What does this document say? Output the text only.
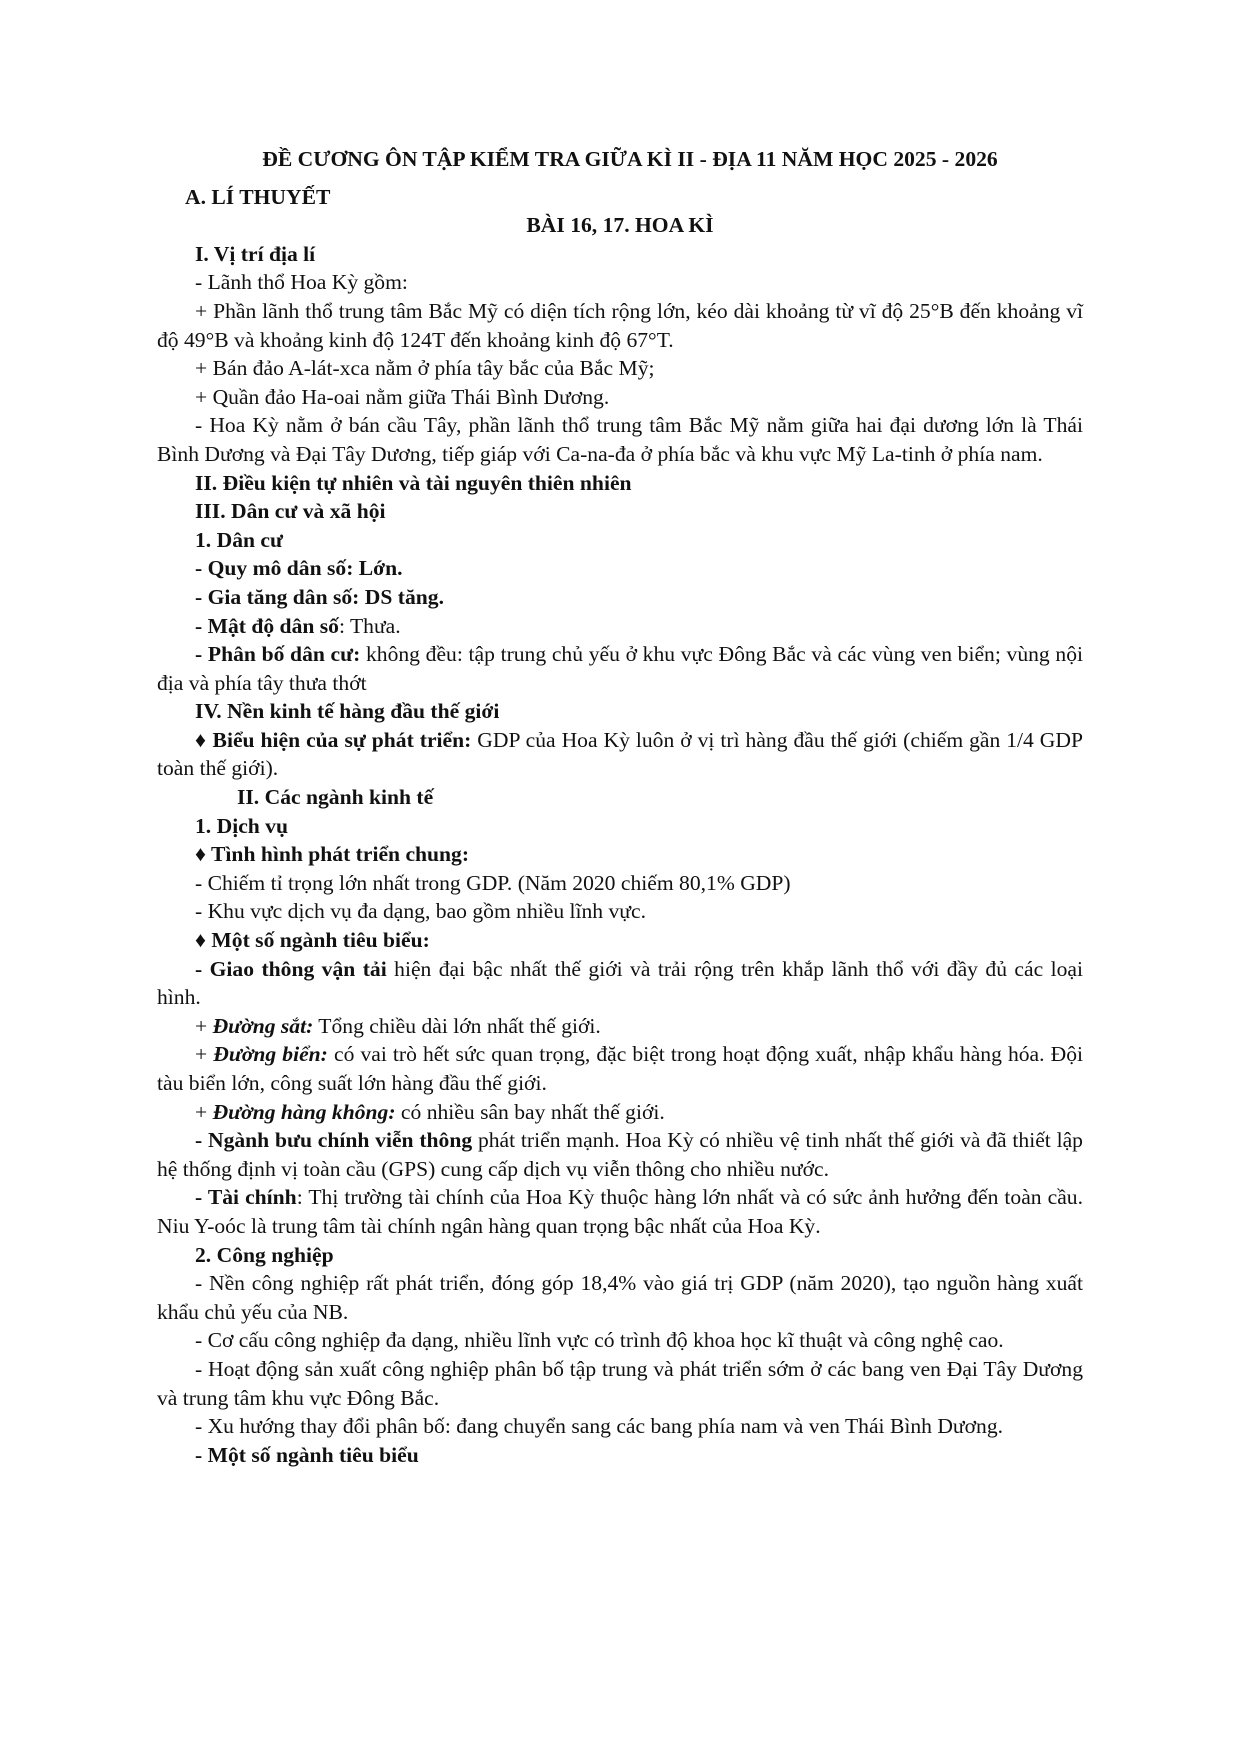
ĐỀ CƯƠNG ÔN TẬP KIỂM TRA GIỮA KÌ II - ĐỊA 11 NĂM HỌC 2025 - 2026

A. LÍ THUYẾT

BÀI 16, 17. HOA KÌ

I. Vị trí địa lí

- Lãnh thổ Hoa Kỳ gồm:

+ Phần lãnh thổ trung tâm Bắc Mỹ có diện tích rộng lớn, kéo dài khoảng từ vĩ độ 25°B đến khoảng vĩ độ 49°B và khoảng kinh độ 124T đến khoảng kinh độ 67°T.

+ Bán đảo A-lát-xca nằm ở phía tây bắc của Bắc Mỹ;

+ Quần đảo Ha-oai nằm giữa Thái Bình Dương.

- Hoa Kỳ nằm ở bán cầu Tây, phần lãnh thổ trung tâm Bắc Mỹ nằm giữa hai đại dương lớn là Thái Bình Dương và Đại Tây Dương, tiếp giáp với Ca-na-đa ở phía bắc và khu vực Mỹ La-tinh ở phía nam.

II. Điều kiện tự nhiên và tài nguyên thiên nhiên

III. Dân cư và xã hội

1. Dân cư

- Quy mô dân số: Lớn.

- Gia tăng dân số: DS tăng.

- Mật độ dân số: Thưa.

- Phân bố dân cư: không đều: tập trung chủ yếu ở khu vực Đông Bắc và các vùng ven biển; vùng nội địa và phía tây thưa thớt

IV. Nền kinh tế hàng đầu thế giới

♦ Biểu hiện của sự phát triển: GDP của Hoa Kỳ luôn ở vị trì hàng đầu thế giới (chiếm gần 1/4 GDP toàn thế giới).

II. Các ngành kinh tế

1. Dịch vụ

♦ Tình hình phát triển chung:

- Chiếm tỉ trọng lớn nhất trong GDP. (Năm 2020 chiếm 80,1% GDP)

- Khu vực dịch vụ đa dạng, bao gồm nhiều lĩnh vực.

♦ Một số ngành tiêu biểu:

- Giao thông vận tải hiện đại bậc nhất thế giới và trải rộng trên khắp lãnh thổ với đầy đủ các loại hình.

+ Đường sắt: Tổng chiều dài lớn nhất thế giới.

+ Đường biển: có vai trò hết sức quan trọng, đặc biệt trong hoạt động xuất, nhập khẩu hàng hóa. Đội tàu biển lớn, công suất lớn hàng đầu thế giới.

+ Đường hàng không: có nhiều sân bay nhất thế giới.

- Ngành bưu chính viễn thông phát triển mạnh. Hoa Kỳ có nhiều vệ tinh nhất thế giới và đã thiết lập hệ thống định vị toàn cầu (GPS) cung cấp dịch vụ viễn thông cho nhiều nước.

- Tài chính: Thị trường tài chính của Hoa Kỳ thuộc hàng lớn nhất và có sức ảnh hưởng đến toàn cầu. Niu Y-oóc là trung tâm tài chính ngân hàng quan trọng bậc nhất của Hoa Kỳ.

2. Công nghiệp

- Nền công nghiệp rất phát triển, đóng góp 18,4% vào giá trị GDP (năm 2020), tạo nguồn hàng xuất khẩu chủ yếu của NB.

- Cơ cấu công nghiệp đa dạng, nhiều lĩnh vực có trình độ khoa học kĩ thuật và công nghệ cao.

- Hoạt động sản xuất công nghiệp phân bố tập trung và phát triển sớm ở các bang ven Đại Tây Dương và trung tâm khu vực Đông Bắc.

- Xu hướng thay đổi phân bố: đang chuyển sang các bang phía nam và ven Thái Bình Dương.

- Một số ngành tiêu biểu
